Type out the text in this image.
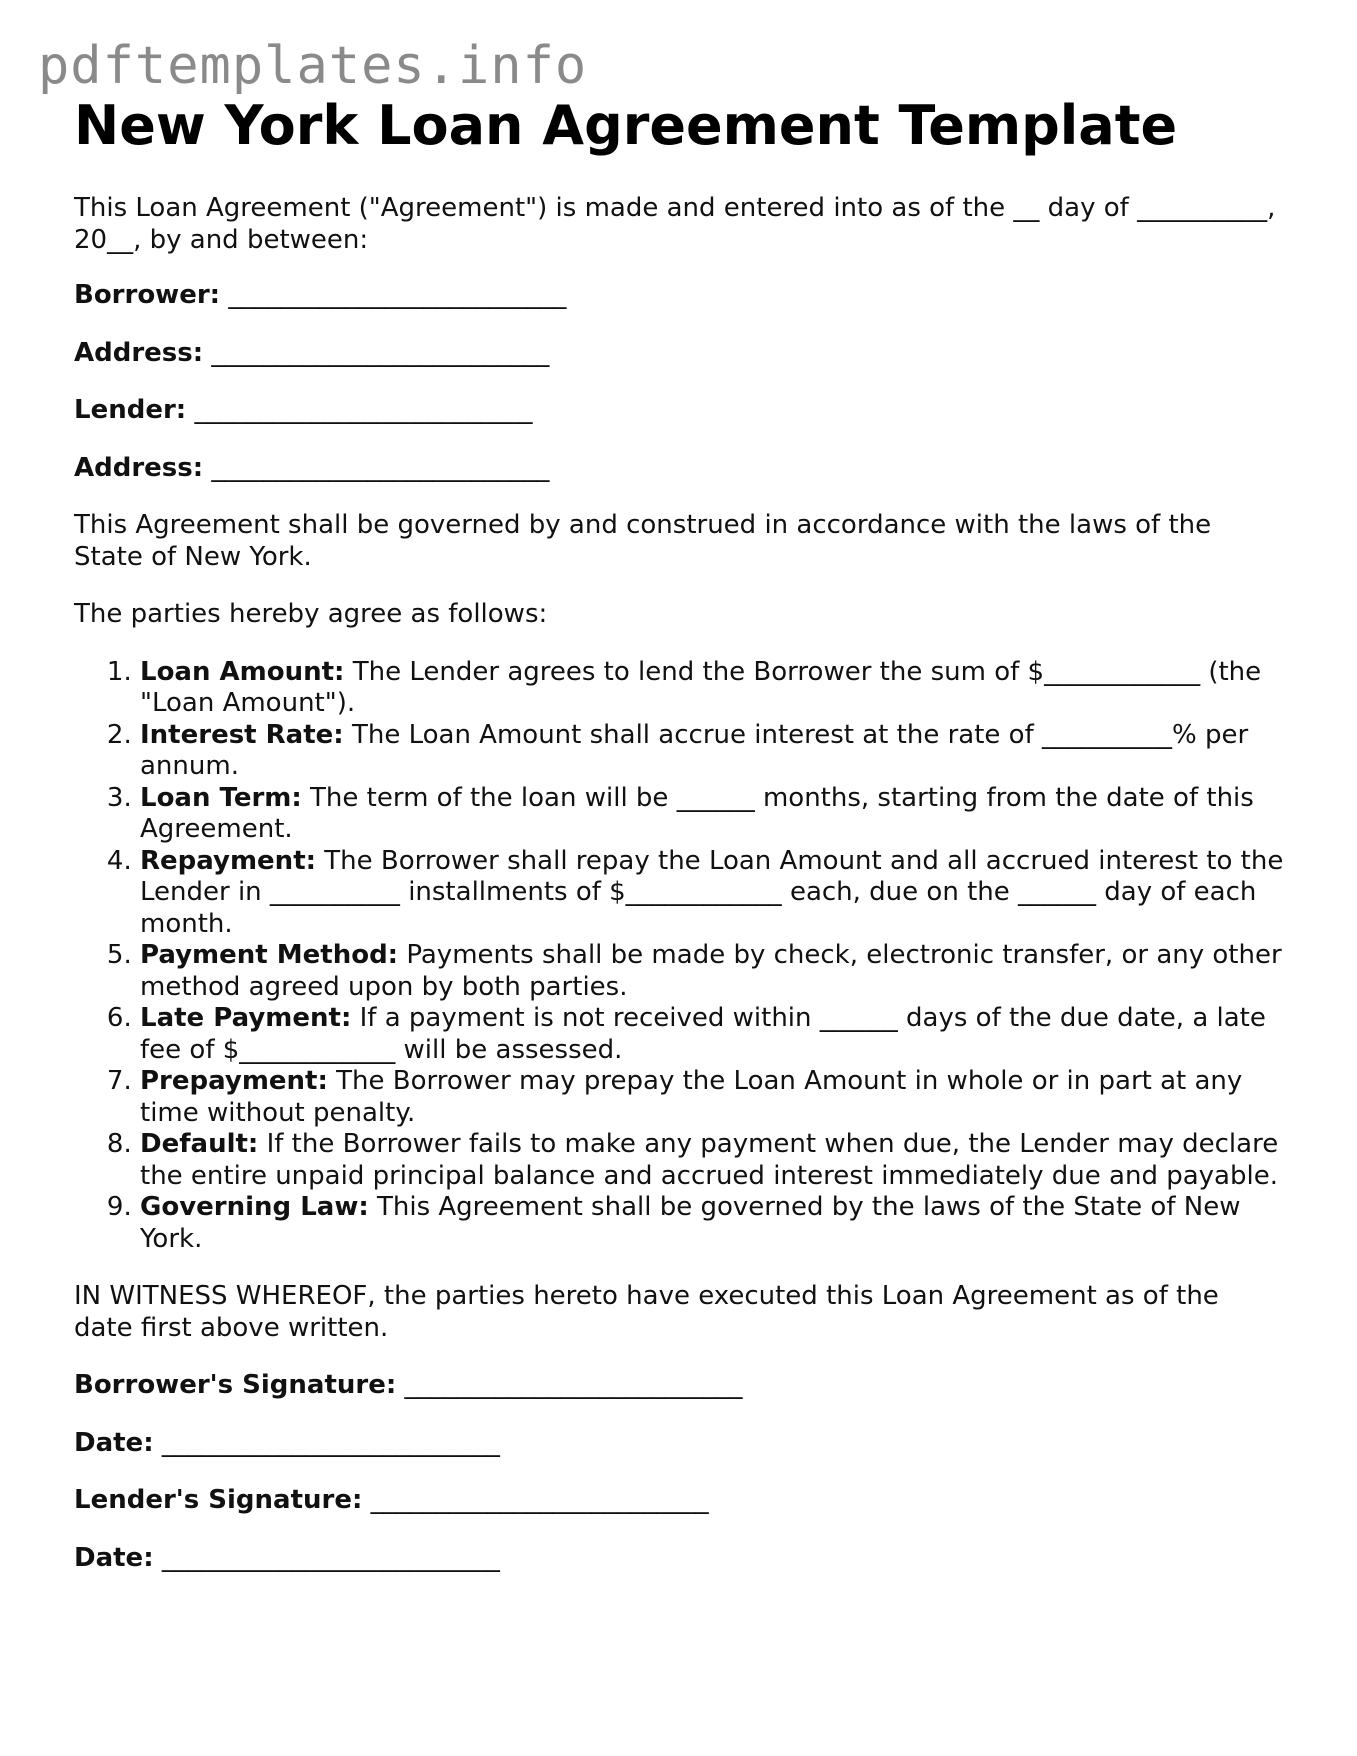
pdftemplates.info
New York Loan Agreement Template

This Loan Agreement ("Agreement") is made and entered into as of the __ day of __________, 20__, by and between:

Borrower: __________________________
Address: __________________________
Lender: __________________________
Address: __________________________

This Agreement shall be governed by and construed in accordance with the laws of the State of New York.

The parties hereby agree as follows:

1. Loan Amount: The Lender agrees to lend the Borrower the sum of $____________ (the "Loan Amount").
2. Interest Rate: The Loan Amount shall accrue interest at the rate of __________% per annum.
3. Loan Term: The term of the loan will be ______ months, starting from the date of this Agreement.
4. Repayment: The Borrower shall repay the Loan Amount and all accrued interest to the Lender in __________ installments of $____________ each, due on the ______ day of each month.
5. Payment Method: Payments shall be made by check, electronic transfer, or any other method agreed upon by both parties.
6. Late Payment: If a payment is not received within ______ days of the due date, a late fee of $____________ will be assessed.
7. Prepayment: The Borrower may prepay the Loan Amount in whole or in part at any time without penalty.
8. Default: If the Borrower fails to make any payment when due, the Lender may declare the entire unpaid principal balance and accrued interest immediately due and payable.
9. Governing Law: This Agreement shall be governed by the laws of the State of New York.

IN WITNESS WHEREOF, the parties hereto have executed this Loan Agreement as of the date first above written.

Borrower's Signature: __________________________
Date: __________________________
Lender's Signature: __________________________
Date: __________________________
